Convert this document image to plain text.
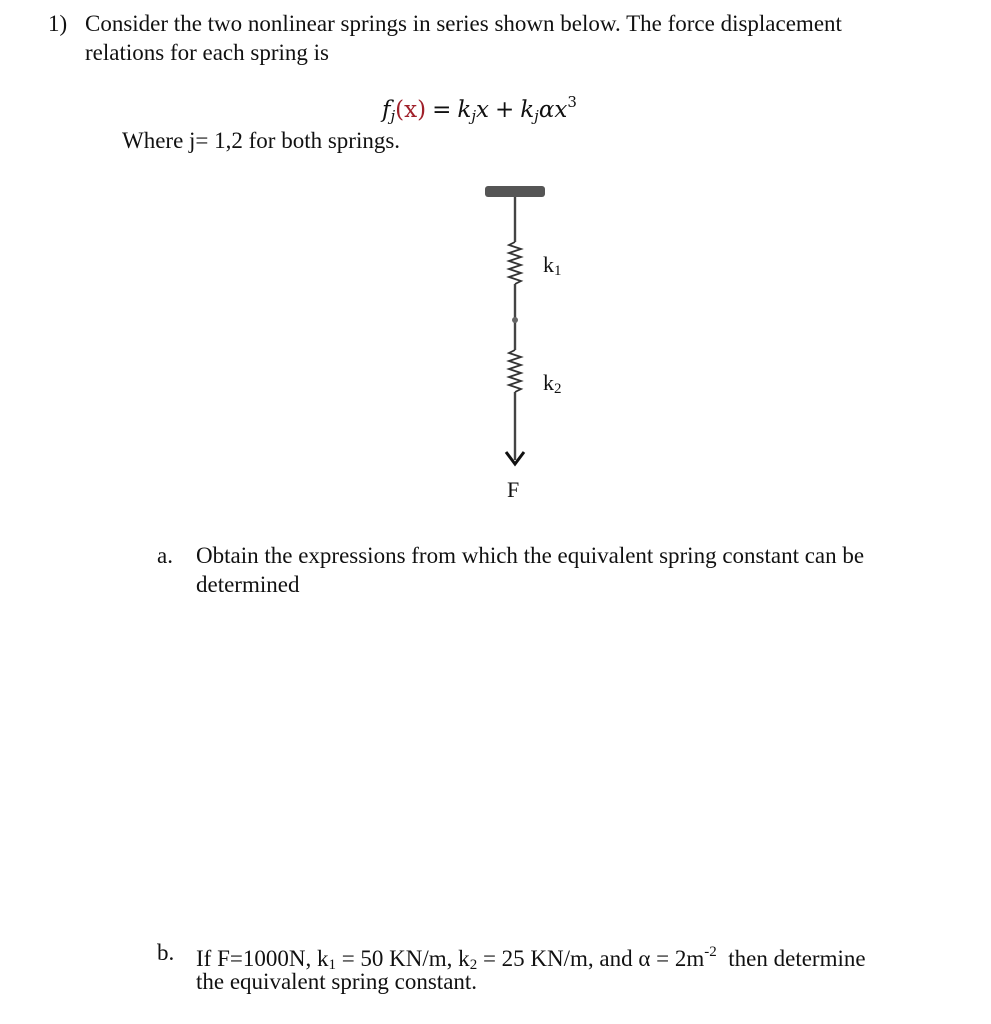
1) Consider the two nonlinear springs in series shown below. The force displacement
relations for each spring is
fj(x) = kjx + kjαx$^3$
Where j= 1,2 for both springs.
k1
k2
F
a. Obtain the expressions from which the equivalent spring constant can be
determined
b. If F=1000N, $k_1 = 50$ KN/m, $k_2 = 25$ KN/m, and $\alpha = 2m^{-2}$  then determine
the equivalent spring constant.
